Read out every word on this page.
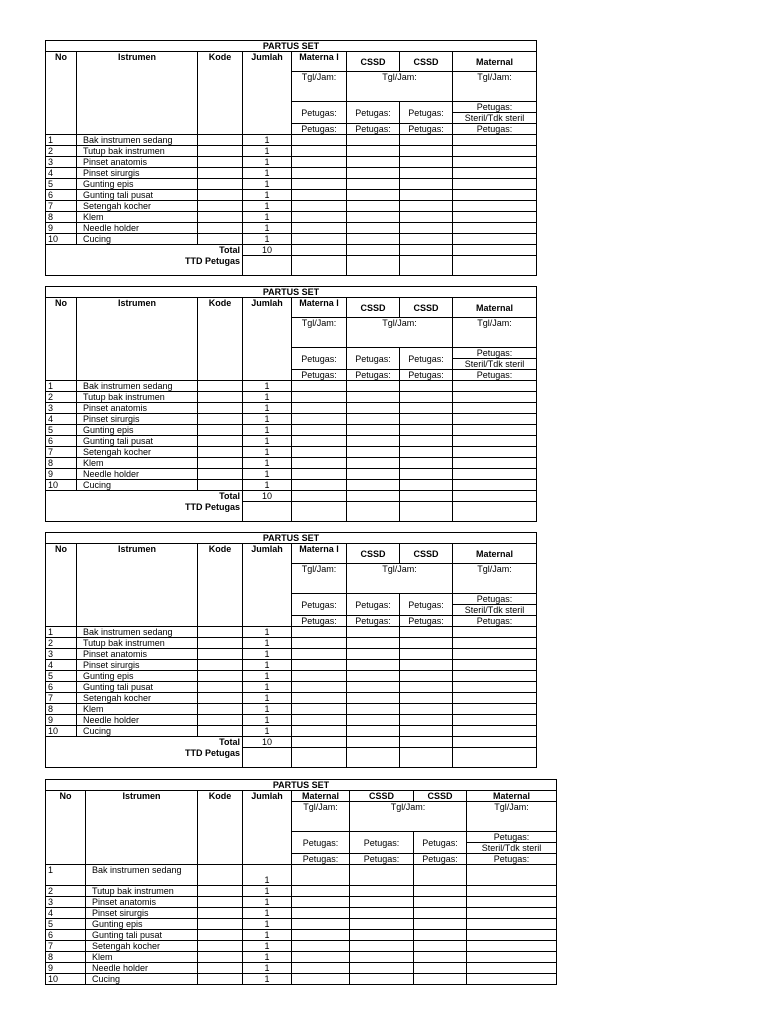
PARTUS SET							
No	Istrumen	Kode	Jumlah	Materna l	CSSD	CSSD	Maternal
				Tgl/Jam:	Tgl/Jam:		Tgl/Jam:
				Petugas:	Petugas:	Petugas:	Petugas:
Steril/Tdk steril

				Petugas:	Petugas:	Petugas:	Petugas:
1	Bak instrumen sedang		1				
2	Tutup bak instrumen		1				
3	Pinset anatomis		1				
4	Pinset sirurgis		1				
5	Gunting epis		1				
6	Gunting tali pusat		1				
7	Setengah kocher		1				
8	Klem		1				
9	Needle holder		1				
10	Cucing		1				
Total			10				
TTD Petugas							
PARTUS SET							
No	Istrumen	Kode	Jumlah	Materna l	CSSD	CSSD	Maternal
				Tgl/Jam:	Tgl/Jam:		Tgl/Jam:
				Petugas:	Petugas:	Petugas:	Petugas:
Steril/Tdk steril

				Petugas:	Petugas:	Petugas:	Petugas:
1	Bak instrumen sedang		1				
2	Tutup bak instrumen		1				
3	Pinset anatomis		1				
4	Pinset sirurgis		1				
5	Gunting epis		1				
6	Gunting tali pusat		1				
7	Setengah kocher		1				
8	Klem		1				
9	Needle holder		1				
10	Cucing		1				
Total			10				
TTD Petugas							
PARTUS SET							
No	Istrumen	Kode	Jumlah	Materna l	CSSD	CSSD	Maternal
				Tgl/Jam:	Tgl/Jam:		Tgl/Jam:
				Petugas:	Petugas:	Petugas:	Petugas:
Steril/Tdk steril

				Petugas:	Petugas:	Petugas:	Petugas:
1	Bak instrumen sedang		1				
2	Tutup bak instrumen		1				
3	Pinset anatomis		1				
4	Pinset sirurgis		1				
5	Gunting epis		1				
6	Gunting tali pusat		1				
7	Setengah kocher		1				
8	Klem		1				
9	Needle holder		1				
10	Cucing		1				
Total			10				
TTD Petugas							
PARTUS SET							
No	Istrumen	Kode	Jumlah	Maternal	CSSD	CSSD	Maternal
				Tgl/Jam:	Tgl/Jam:		Tgl/Jam:
				Petugas:	Petugas:	Petugas:	Petugas:
Steril/Tdk steril

				Petugas:	Petugas:	Petugas:	Petugas:
1	Bak instrumen sedang		1				
2	Tutup bak instrumen		1				
3	Pinset anatomis		1				
4	Pinset sirurgis		1				
5	Gunting epis		1				
6	Gunting tali pusat		1				
7	Setengah kocher		1				
8	Klem		1				
9	Needle holder		1				
10	Cucing		1				
